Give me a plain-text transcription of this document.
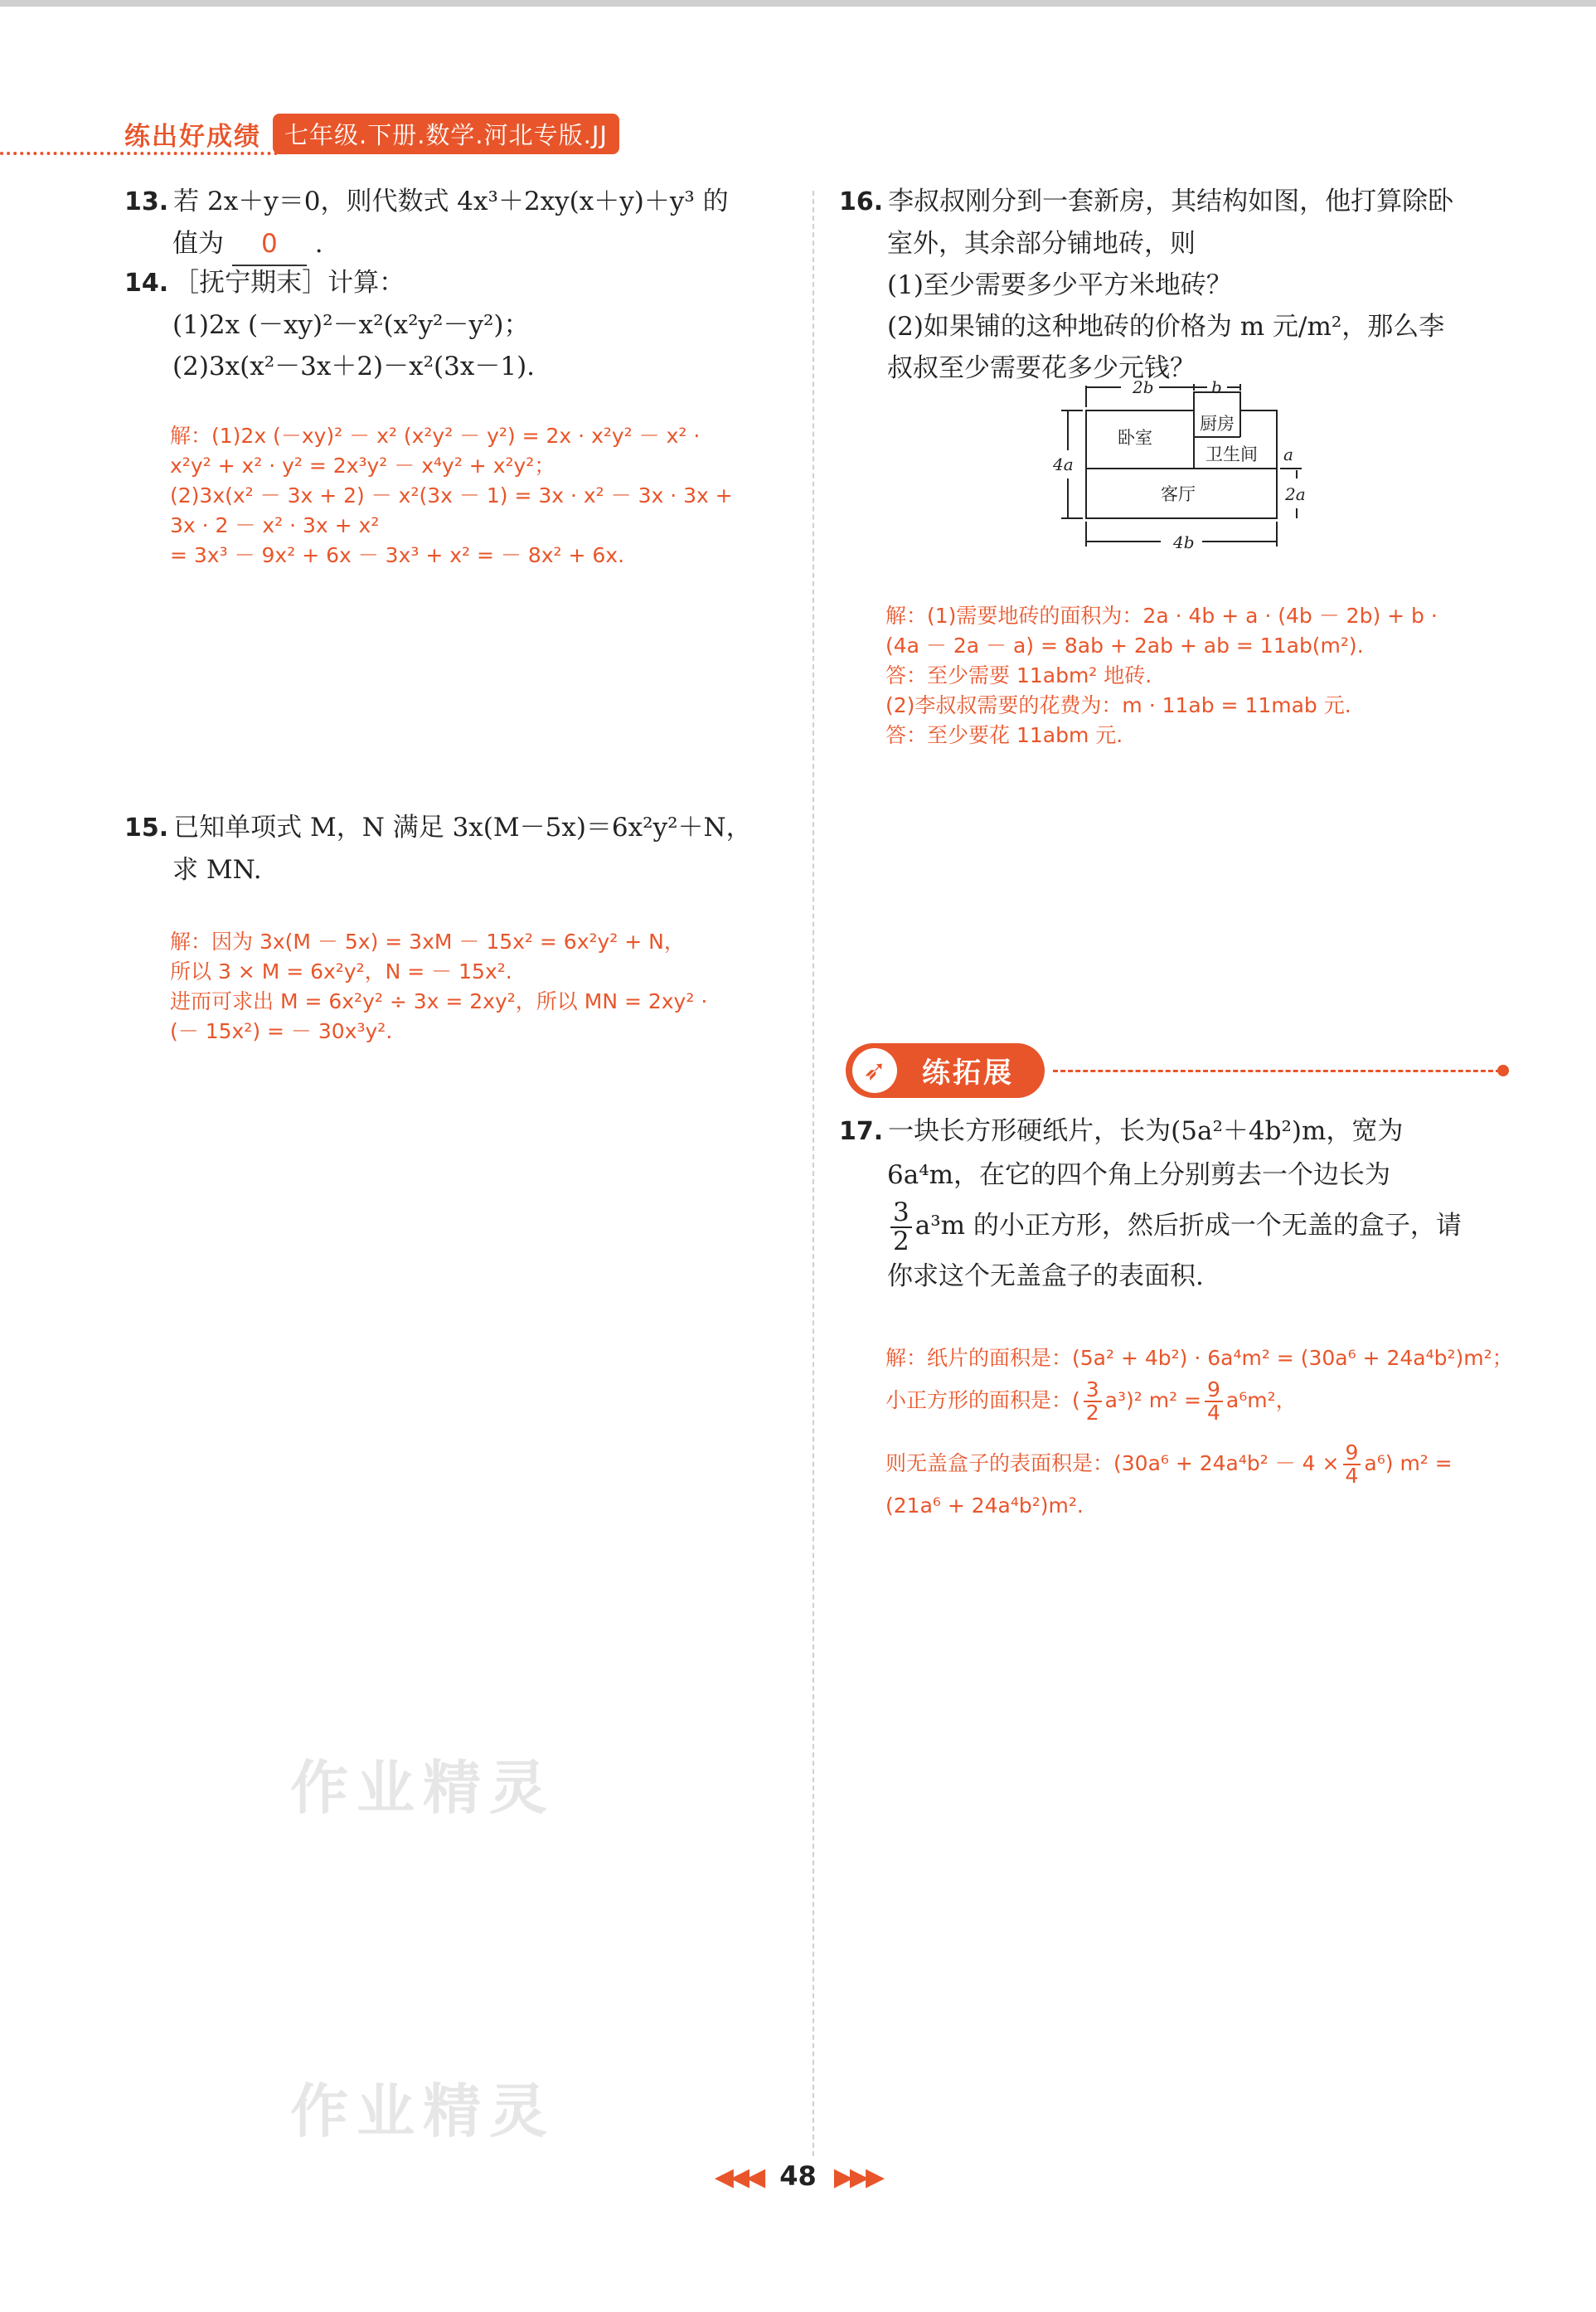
练出好成绩 七年级.下册.数学.河北专版.JJ
13. 若 2x＋y＝0，则代数式 4x³＋2xy(x＋y)＋y³ 的
值为 0 .
14. ［抚宁期末］计算：
(1)2x (－xy)²－x²(x²y²－y²)；
(2)3x(x²－3x＋2)－x²(3x－1).
解：(1)2x (－xy)² － x² (x²y² － y²) = 2x · x²y² － x² ·
x²y² + x² · y² = 2x³y² － x⁴y² + x²y²；
(2)3x(x² － 3x + 2) － x²(3x － 1) = 3x · x² － 3x · 3x +
3x · 2 － x² · 3x + x²
= 3x³ － 9x² + 6x － 3x³ + x² = － 8x² + 6x.
15. 已知单项式 M，N 满足 3x(M－5x)＝6x²y²＋N，
求 MN.
解：因为 3x(M － 5x) = 3xM － 15x² = 6x²y² + N，
所以 3 × M = 6x²y²，N = － 15x².
进而可求出 M = 6x²y² ÷ 3x = 2xy²，所以 MN = 2xy² ·
(－ 15x²) = － 30x³y².
16. 李叔叔刚分到一套新房，其结构如图，他打算除卧
室外，其余部分铺地砖，则
(1)至少需要多少平方米地砖？
(2)如果铺的这种地砖的价格为 m 元/m²，那么李
叔叔至少需要花多少元钱？
2b	b
4a	a
2a
4b
卧室
厨房
卫生间
客厅
解：(1)需要地砖的面积为：2a · 4b + a · (4b － 2b) + b ·
(4a － 2a － a) = 8ab + 2ab + ab = 11ab(m²).
答：至少需要 11abm² 地砖.
(2)李叔叔需要的花费为：m · 11ab = 11mab 元.
答：至少要花 11abm 元.
➶	练拓展
17. 一块长方形硬纸片，长为(5a²＋4b²)m，宽为
6a⁴m，在它的四个角上分别剪去一个边长为
$\frac{3}{2} a^3m$ 的小正方形，然后折成一个无盖的盒子，请
你求这个无盖盒子的表面积.
解：纸片的面积是：(5a² + 4b²) · 6a⁴m² = (30a⁶ + 24a⁴b²)m²；
小正方形的面积是：( $\frac{3}{2} a^3)^2$ $m^2 = \frac{9}{4} a^6m^2$，
则无盖盒子的表面积是：$(30a^6 + 24a^4b^2 - 4 \times \frac{9}{4} a^6)$ m² =
(21a⁶ + 24a⁴b²)m².
作业精灵
作业精灵
◀◀◀ 48 ▶▶▶
